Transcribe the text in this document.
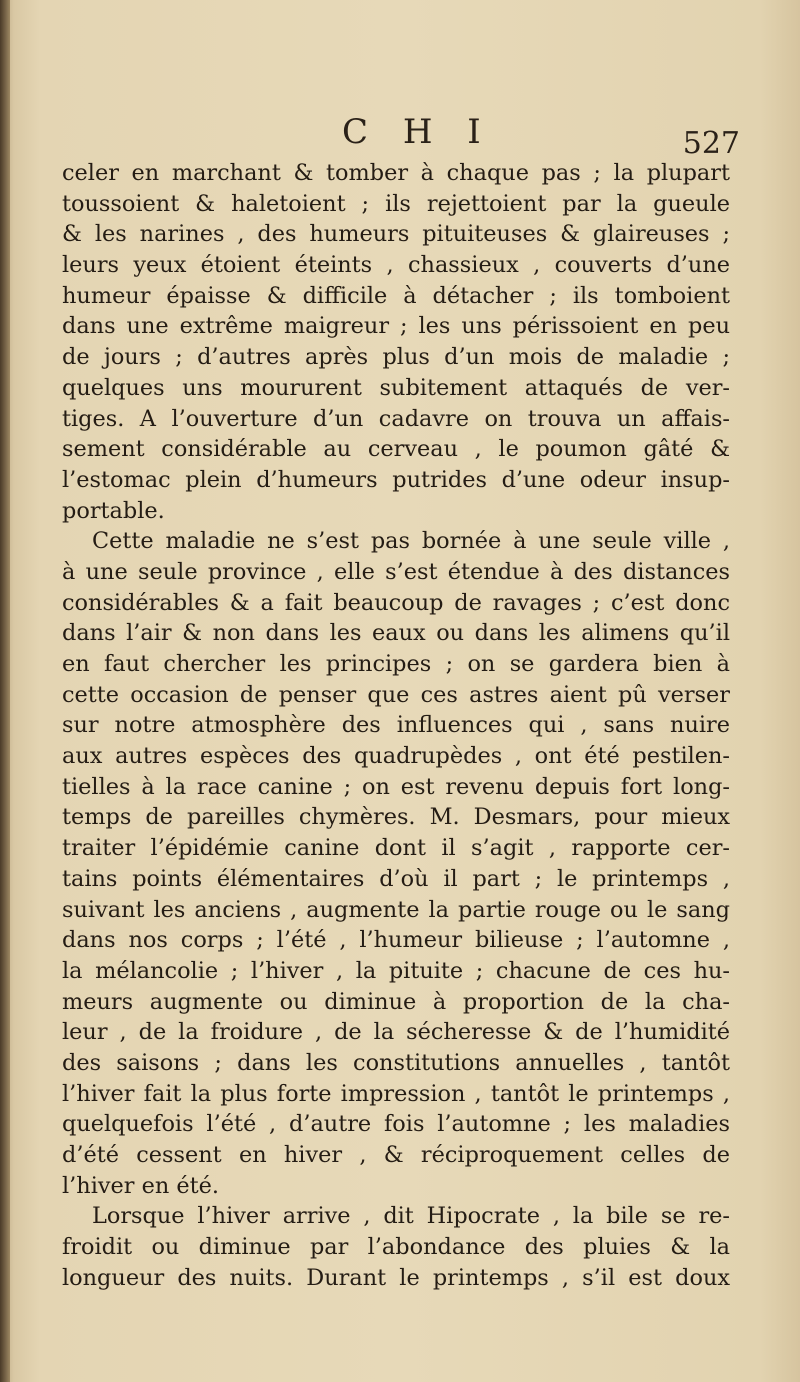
C H I	527
celer en marchant & tomber à chaque pas ; la plupart
toussoient & haletoient ; ils rejettoient par la gueule
& les narines , des humeurs pituiteuses & glaireuses ;
leurs yeux étoient éteints , chassieux , couverts d’une
humeur épaisse & difficile à détacher ; ils tomboient
dans une extrême maigreur ; les uns périssoient en peu
de jours ; d’autres après plus d’un mois de maladie ;
quelques uns moururent subitement attaqués de ver-
tiges. A l’ouverture d’un cadavre on trouva un affais-
sement considérable au cerveau , le poumon gâté &
l’estomac plein d’humeurs putrides d’une odeur insup-
portable.
Cette maladie ne s’est pas bornée à une seule ville ,
à une seule province , elle s’est étendue à des distances
considérables & a fait beaucoup de ravages ; c’est donc
dans l’air & non dans les eaux ou dans les alimens qu’il
en faut chercher les principes ; on se gardera bien à
cette occasion de penser que ces astres aient pû verser
sur notre atmosphère des influences qui , sans nuire
aux autres espèces des quadrupèdes , ont été pestilen-
tielles à la race canine ; on est revenu depuis fort long-
temps de pareilles chymères. M. Desmars, pour mieux
traiter l’épidémie canine dont il s’agit , rapporte cer-
tains points élémentaires d’où il part ; le printemps ,
suivant les anciens , augmente la partie rouge ou le sang
dans nos corps ; l’été , l’humeur bilieuse ; l’automne ,
la mélancolie ; l’hiver , la pituite ; chacune de ces hu-
meurs augmente ou diminue à proportion de la cha-
leur , de la froidure , de la sécheresse & de l’humidité
des saisons ; dans les constitutions annuelles , tantôt
l’hiver fait la plus forte impression , tantôt le printemps ,
quelquefois l’été , d’autre fois l’automne ; les maladies
d’été cessent en hiver , & réciproquement celles de
l’hiver en été.
Lorsque l’hiver arrive , dit Hipocrate , la bile se re-
froidit ou diminue par l’abondance des pluies & la
longueur des nuits. Durant le printemps , s’il est doux
